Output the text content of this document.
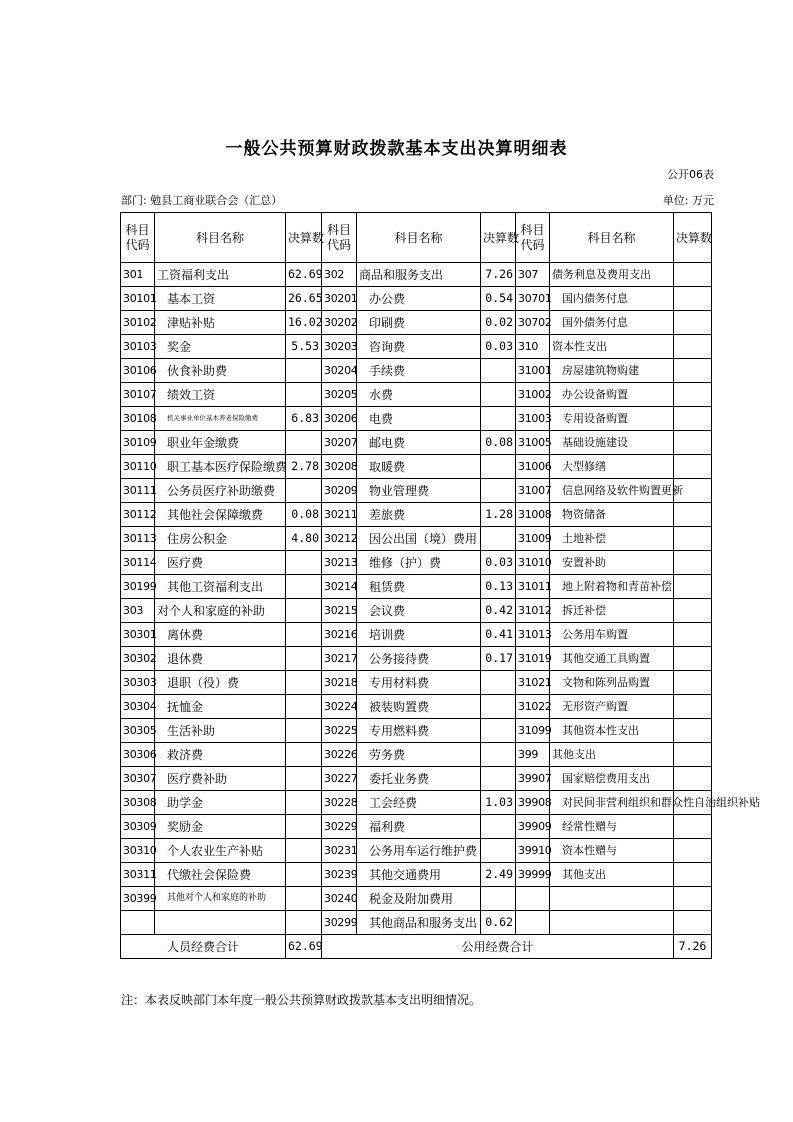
一般公共预算财政拨款基本支出决算明细表
公开06表
部门: 勉县工商业联合会（汇总）	单位: 万元
科目
代码	科目名称	决算数	科目
代码	科目名称	决算数	科目
代码	科目名称	决算数
301	工资福利支出	62.69	302	商品和服务支出	7.26	307	债务利息及费用支出	
30101	基本工资	26.65	30201	办公费	0.54	30701	国内债务付息	
30102	津贴补贴	16.02	30202	印刷费	0.02	30702	国外债务付息	
30103	奖金	5.53	30203	咨询费	0.03	310	资本性支出	
30106	伙食补助费		30204	手续费		31001	房屋建筑物购建	
30107	绩效工资		30205	水费		31002	办公设备购置	
30108	机关事业单位基本养老保险缴费	6.83	30206	电费		31003	专用设备购置	
30109	职业年金缴费		30207	邮电费	0.08	31005	基础设施建设	
30110	职工基本医疗保险缴费	2.78	30208	取暖费		31006	大型修缮	
30111	公务员医疗补助缴费		30209	物业管理费		31007	信息网络及软件购置更新	
30112	其他社会保障缴费	0.08	30211	差旅费	1.28	31008	物资储备	
30113	住房公积金	4.80	30212	因公出国（境）费用		31009	土地补偿	
30114	医疗费		30213	维修（护）费	0.03	31010	安置补助	
30199	其他工资福利支出		30214	租赁费	0.13	31011	地上附着物和青苗补偿	
303	对个人和家庭的补助		30215	会议费	0.42	31012	拆迁补偿	
30301	离休费		30216	培训费	0.41	31013	公务用车购置	
30302	退休费		30217	公务接待费	0.17	31019	其他交通工具购置	
30303	退职（役）费		30218	专用材料费		31021	文物和陈列品购置	
30304	抚恤金		30224	被装购置费		31022	无形资产购置	
30305	生活补助		30225	专用燃料费		31099	其他资本性支出	
30306	救济费		30226	劳务费		399	其他支出	
30307	医疗费补助		30227	委托业务费		39907	国家赔偿费用支出	
30308	助学金		30228	工会经费	1.03	39908	对民间非营利组织和群众性自治组织补贴	
30309	奖励金		30229	福利费		39909	经常性赠与	
30310	个人农业生产补贴		30231	公务用车运行维护费		39910	资本性赠与	
30311	代缴社会保险费		30239	其他交通费用	2.49	39999	其他支出	
30399	其他对个人和家庭的补助		30240	税金及附加费用				
			30299	其他商品和服务支出	0.62			
人员经费合计		62.69	公用经费合计					7.26
注：本表反映部门本年度一般公共预算财政拨款基本支出明细情况。
